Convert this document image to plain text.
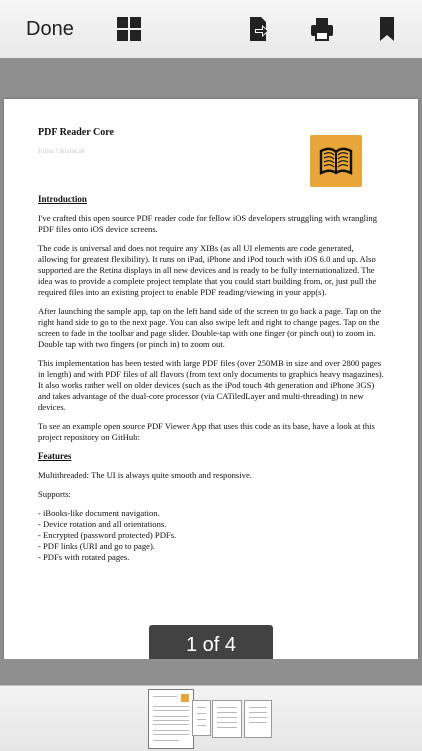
Done
PDF Reader Core
Julius Oklamcak
Introduction

I've crafted this open source PDF reader code for fellow iOS developers struggling with wrangling PDF files onto iOS device screens.

The code is universal and does not require any XIBs (as all UI elements are code generated, allowing for greatest flexibility). It runs on iPad, iPhone and iPod touch with iOS 6.0 and up. Also supported are the Retina displays in all new devices and is ready to be fully internationalized. The idea was to provide a complete project template that you could start building from, or, just pull the required files into an existing project to enable PDF reading/viewing in your app(s).

After launching the sample app, tap on the left hand side of the screen to go back a page. Tap on the right hand side to go to the next page. You can also swipe left and right to change pages. Tap on the screen to fade in the toolbar and page slider. Double-tap with one finger (or pinch out) to zoom in. Double tap with two fingers (or pinch in) to zoom out.

This implementation has been tested with large PDF files (over 250MB in size and over 2800 pages in length) and with PDF files of all flavors (from text only documents to graphics heavy magazines). It also works rather well on older devices (such as the iPod touch 4th generation and iPhone 3GS) and takes advantage of the dual-core processor (via CATiledLayer and multi-threading) in new devices.

To see an example open source PDF Viewer App that uses this code as its base, have a look at this project repository on GitHub:

Features

Multithreaded: The UI is always quite smooth and responsive.

Supports:

- iBooks-like document navigation.
- Device rotation and all orientations.
- Encrypted (password protected) PDFs.
- PDF links (URI and go to page).
- PDFs with rotated pages.
1 of 4
